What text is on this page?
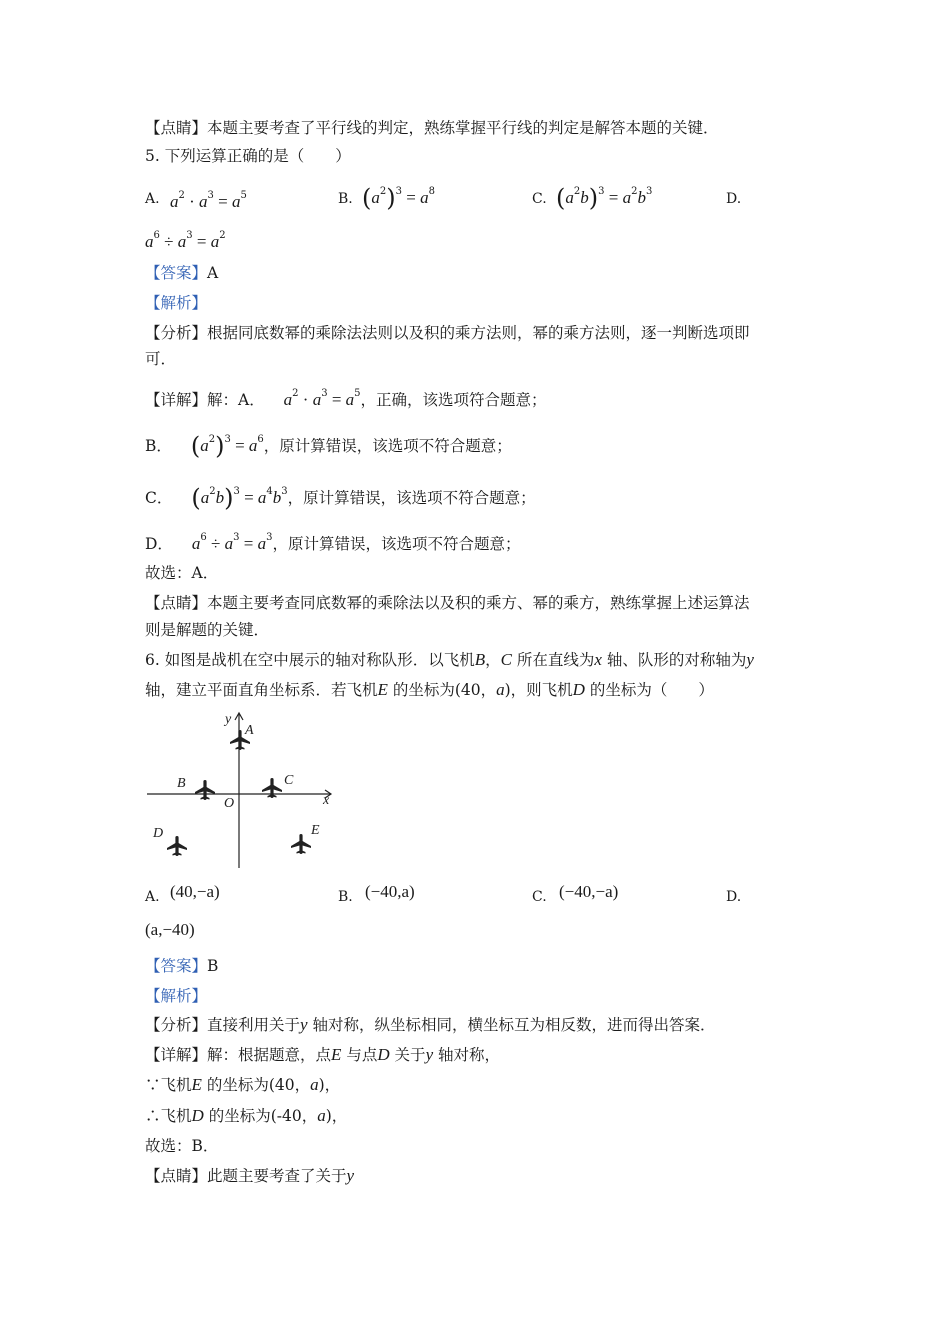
【点睛】本题主要考查了平行线的判定，熟练掌握平行线的判定是解答本题的关键．
5. 下列运算正确的是（　　）
A. $a^2 \cdot a^3 = a^5$	B. $(a^2)^3 = a^8$	C. $(a^2b)^3 = a^2b^3$	D.
$a^6 \div a^3 = a^2$
【答案】A
【解析】
【分析】根据同底数幂的乘除法法则以及积的乘方法则，幂的乘方法则，逐一判断选项即
可．
【详解】解：A． $a^2 \cdot a^3 = a^5$，正确，该选项符合题意；
B． $(a^2)^3 = a^6$，原计算错误，该选项不符合题意；
C． $(a^2b)^3 = a^4b^3$，原计算错误，该选项不符合题意；
D． $a^6 \div a^3 = a^3$，原计算错误，该选项不符合题意；
故选：A．
【点睛】本题主要考查同底数幂的乘除法以及积的乘方、幂的乘方，熟练掌握上述运算法
则是解题的关键．
6. 如图是战机在空中展示的轴对称队形．以飞机B，C 所在直线为x 轴、队形的对称轴为y
轴，建立平面直角坐标系．若飞机E 的坐标为(40，a)，则飞机D 的坐标为（　　）
y
A
B	C
O	x
D	E
A. (40,−a)	B. (−40,a)	C. (−40,−a)	D.
(a,−40)
【答案】B
【解析】
【分析】直接利用关于y 轴对称，纵坐标相同，横坐标互为相反数，进而得出答案．
【详解】解：根据题意，点E 与点D 关于y 轴对称，
∵飞机E 的坐标为(40，a)，
∴飞机D 的坐标为(-40，a)，
故选：B．
【点睛】此题主要考查了关于y
